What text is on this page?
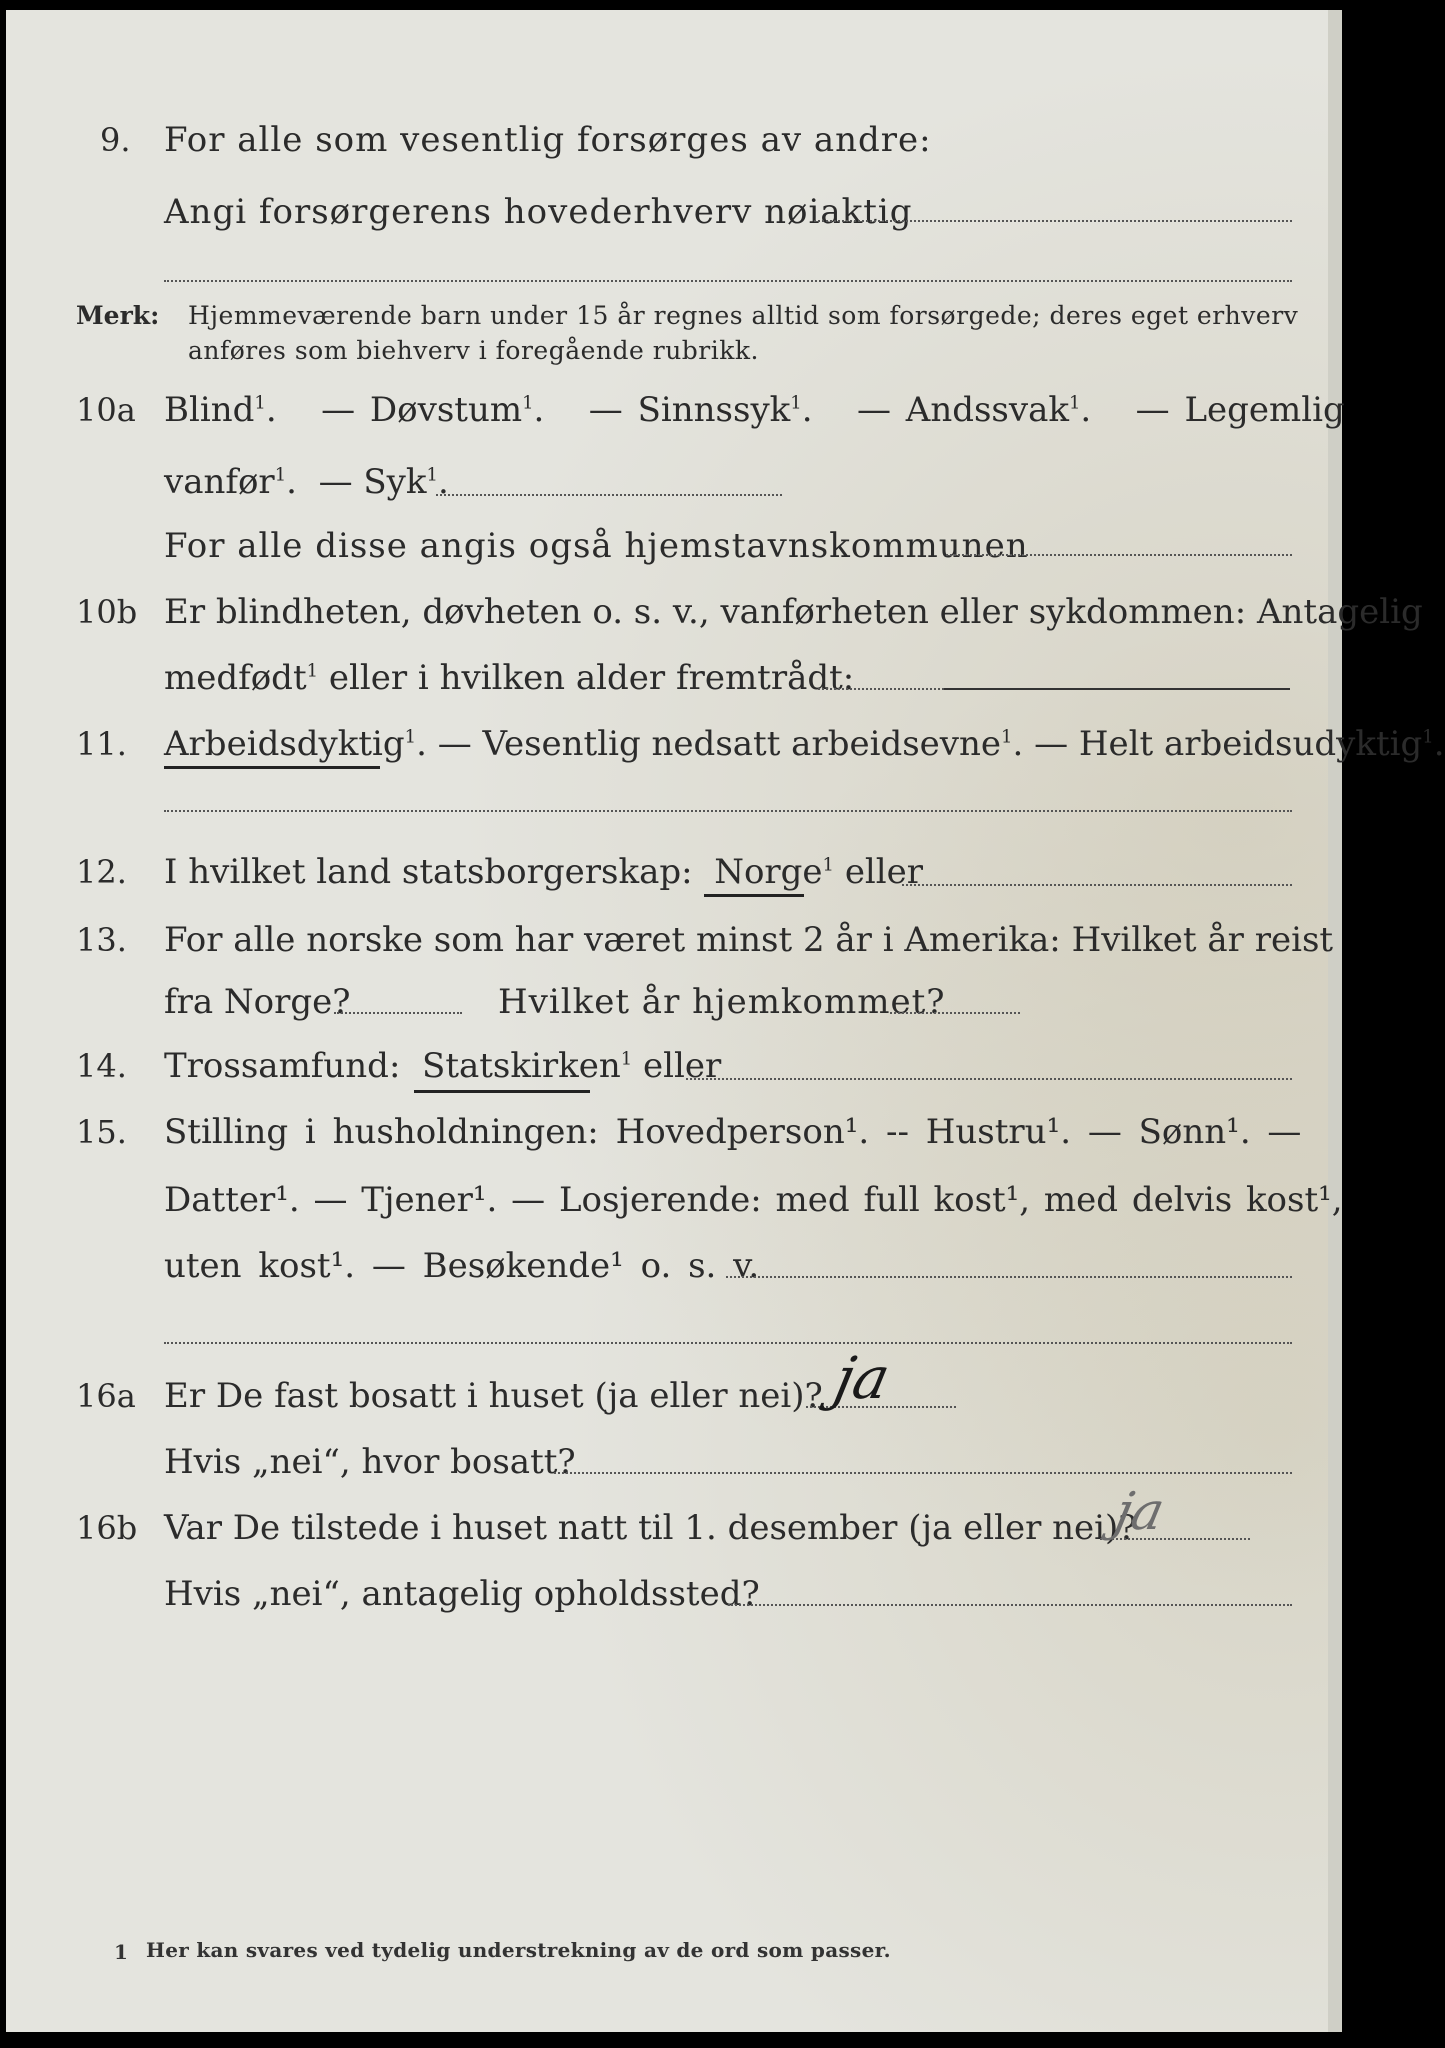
9. For alle som vesentlig forsørges av andre:
Angi forsørgerens hovederhverv nøiaktig
Merk: Hjemmeværende barn under 15 år regnes alltid som forsørgede; deres eget erhverv
anføres som biehverv i foregående rubrikk.
10a Blind$^1$.   — Døvstum$^1$.   — Sinnssyk$^1$.   — Andssvak$^1$.   — Legemlig
vanfør$^1$.  — Syk$^1$.
For alle disse angis også hjemstavnskommunen
10b Er blindheten, døvheten o. s. v., vanførheten eller sykdommen: Antagelig
medfødt$^1$ eller i hvilken alder fremtrådt:
11. Arbeidsdyktig$^1$. — Vesentlig nedsatt arbeidsevne$^1$. — Helt arbeidsudyktig$^1$.
12. I hvilket land statsborgerskap: Norge$^1$ eller
13. For alle norske som har været minst 2 år i Amerika: Hvilket år reist
fra Norge?	Hvilket år hjemkommet?
14. Trossamfund: Statskirken$^1$ eller
15. Stilling i husholdningen: Hovedperson¹. -- Hustru¹. — Sønn¹. —
Datter¹. — Tjener¹. — Losjerende: med full kost¹, med delvis kost¹,
uten kost¹. — Besøkende¹ o. s. v.
16a Er De fast bosatt i huset (ja eller nei)? ja
Hvis „nei“, hvor bosatt?
16b Var De tilstede i huset natt til 1. desember (ja eller nei)?
ja
Hvis „nei“, antagelig opholdssted?
1 Her kan svares ved tydelig understrekning av de ord som passer.
